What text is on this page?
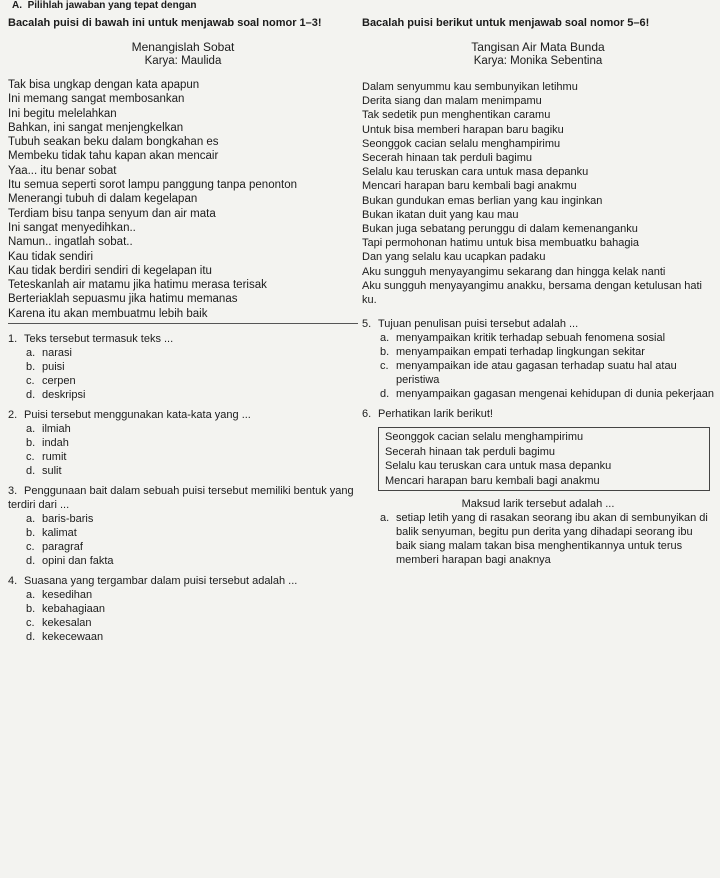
A. Pilihlah jawaban yang tepat dengan
Bacalah puisi di bawah ini untuk menjawab soal nomor 1–3!
Menangislah Sobat
Karya: Maulida
Tak bisa ungkap dengan kata apapun
Ini memang sangat membosankan
Ini begitu melelahkan
Bahkan, ini sangat menjengkelkan
Tubuh seakan beku dalam bongkahan es
Membeku tidak tahu kapan akan mencair
Yaa... itu benar sobat
Itu semua seperti sorot lampu panggung tanpa penonton
Menerangi tubuh di dalam kegelapan
Terdiam bisu tanpa senyum dan air mata
Ini sangat menyedihkan..
Namun.. ingatlah sobat..
Kau tidak sendiri
Kau tidak berdiri sendiri di kegelapan itu
Teteskanlah air matamu jika hatimu merasa terisak
Berteriaklah sepuasmu jika hatimu memanas
Karena itu akan membuatmu lebih baik
1. Teks tersebut termasuk teks ...
a. narasi
b. puisi
c. cerpen
d. deskripsi
2. Puisi tersebut menggunakan kata-kata yang ...
a. ilmiah
b. indah
c. rumit
d. sulit
3. Penggunaan bait dalam sebuah puisi tersebut memiliki bentuk yang terdiri dari ...
a. baris-baris
b. kalimat
c. paragraf
d. opini dan fakta
4. Suasana yang tergambar dalam puisi tersebut adalah ...
a. kesedihan
b. kebahagiaan
c. kekesalan
d. kekecewaan
Bacalah puisi berikut untuk menjawab soal nomor 5–6!
Tangisan Air Mata Bunda
Karya: Monika Sebentina
Dalam senyummu kau sembunyikan letihmu
Derita siang dan malam menimpamu
Tak sedetik pun menghentikan caramu
Untuk bisa memberi harapan baru bagiku
Seonggok cacian selalu menghampirimu
Secerah hinaan tak perduli bagimu
Selalu kau teruskan cara untuk masa depanku
Mencari harapan baru kembali bagi anakmu
Bukan gundukan emas berlian yang kau inginkan
Bukan ikatan duit yang kau mau
Bukan juga sebatang perunggu di dalam kemenanganku
Tapi permohonan hatimu untuk bisa membuatku bahagia
Dan yang selalu kau ucapkan padaku
Aku sungguh menyayangimu sekarang dan hingga kelak nanti
Aku sungguh menyayangimu anakku, bersama dengan ketulusan hati ku.
5. Tujuan penulisan puisi tersebut adalah ...
a. menyampaikan kritik terhadap sebuah fenomena sosial
b. menyampaikan empati terhadap lingkungan sekitar
c. menyampaikan ide atau gagasan terhadap suatu hal atau peristiwa
d. menyampaikan gagasan mengenai kehidupan di dunia pekerjaan
6. Perhatikan larik berikut!
Seonggok cacian selalu menghampirimu
Secerah hinaan tak perduli bagimu
Selalu kau teruskan cara untuk masa depanku
Mencari harapan baru kembali bagi anakmu
Maksud larik tersebut adalah ...
a. setiap letih yang di rasakan seorang ibu akan di sembunyikan di balik senyuman, begitu pun derita yang dihadapi seorang ibu baik siang malam takan bisa menghentikannya untuk terus memberi harapan bagi anaknya
